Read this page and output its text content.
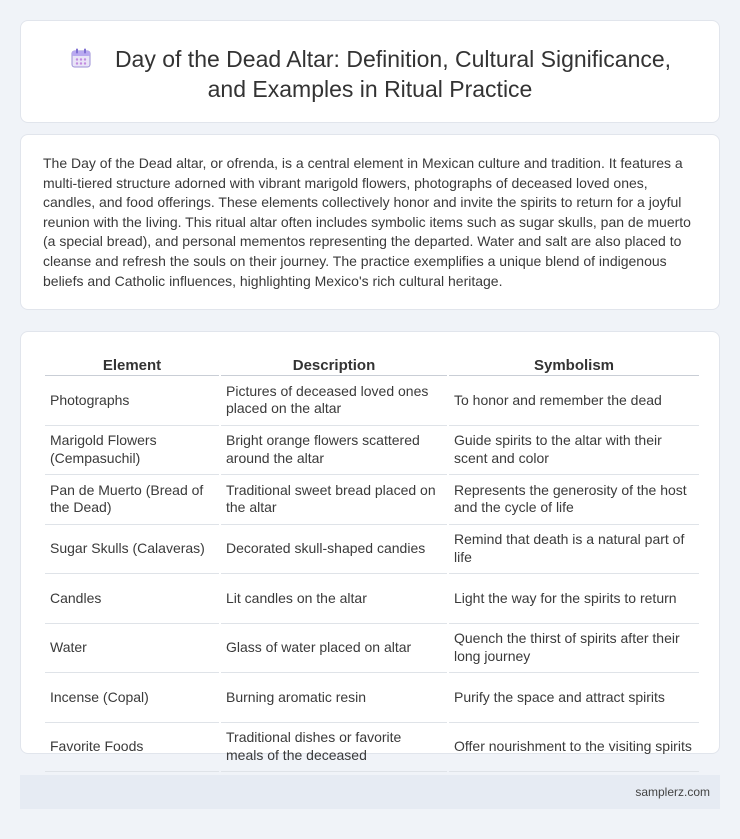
Day of the Dead Altar: Definition, Cultural Significance,
and Examples in Ritual Practice

The Day of the Dead altar, or ofrenda, is a central element in Mexican culture and tradition. It features a multi-tiered structure adorned with vibrant marigold flowers, photographs of deceased loved ones, candles, and food offerings. These elements collectively honor and invite the spirits to return for a joyful reunion with the living. This ritual altar often includes symbolic items such as sugar skulls, pan de muerto (a special bread), and personal mementos representing the departed. Water and salt are also placed to cleanse and refresh the souls on their journey. The practice exemplifies a unique blend of indigenous beliefs and Catholic influences, highlighting Mexico's rich cultural heritage.

Element	Description	Symbolism
Photographs	Pictures of deceased loved ones placed on the altar	To honor and remember the dead
Marigold Flowers (Cempasuchil)	Bright orange flowers scattered around the altar	Guide spirits to the altar with their scent and color
Pan de Muerto (Bread of the Dead)	Traditional sweet bread placed on the altar	Represents the generosity of the host and the cycle of life
Sugar Skulls (Calaveras)	Decorated skull-shaped candies	Remind that death is a natural part of life
Candles	Lit candles on the altar	Light the way for the spirits to return
Water	Glass of water placed on altar	Quench the thirst of spirits after their long journey
Incense (Copal)	Burning aromatic resin	Purify the space and attract spirits
Favorite Foods	Traditional dishes or favorite meals of the deceased	Offer nourishment to the visiting spirits
samplerz.com
